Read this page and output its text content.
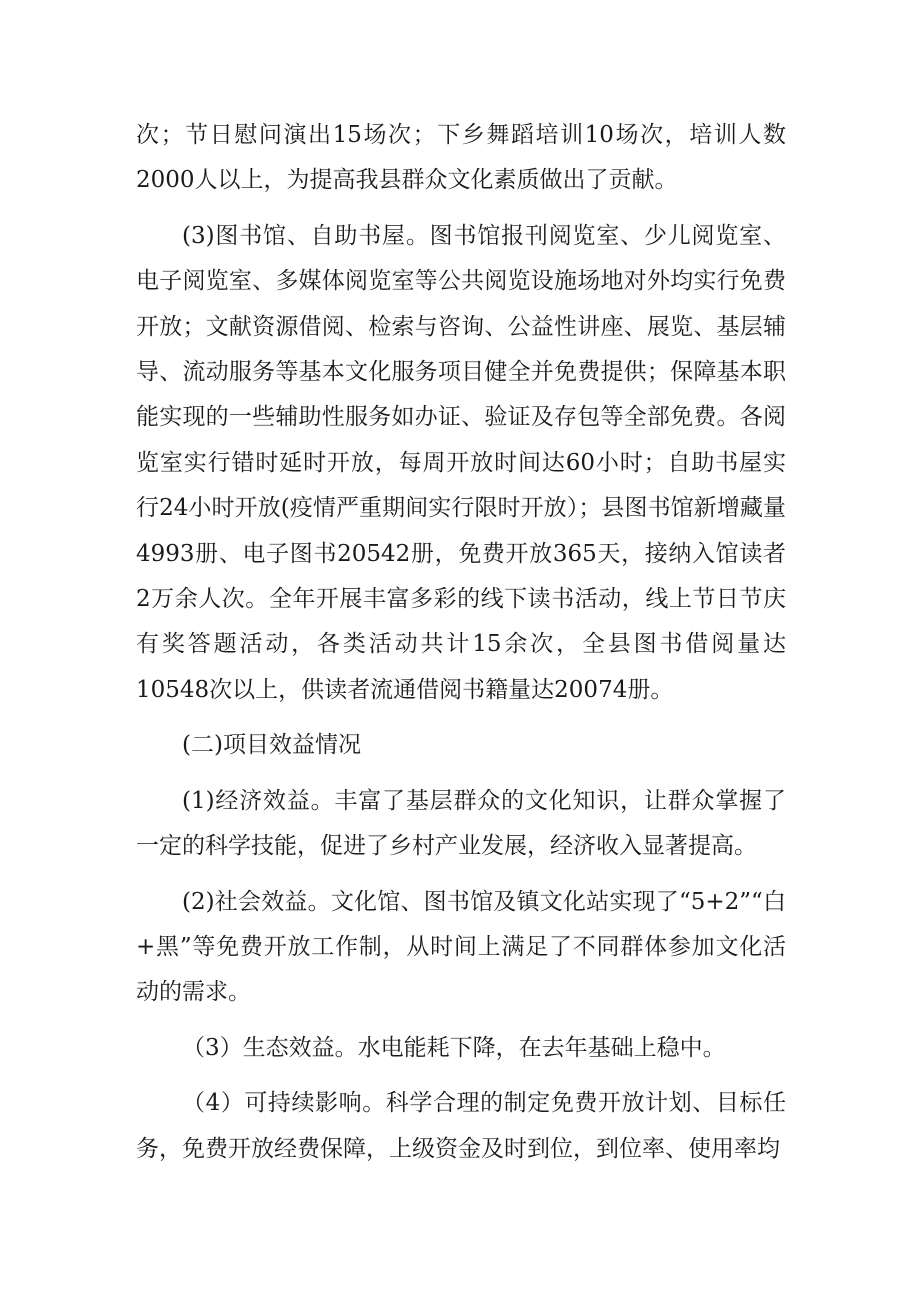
次；节日慰问演出15场次；下乡舞蹈培训10场次，培训人数2000人以上，为提高我县群众文化素质做出了贡献。

(3)图书馆、自助书屋。图书馆报刊阅览室、少儿阅览室、电子阅览室、多媒体阅览室等公共阅览设施场地对外均实行免费开放；文献资源借阅、检索与咨询、公益性讲座、展览、基层辅导、流动服务等基本文化服务项目健全并免费提供；保障基本职能实现的一些辅助性服务如办证、验证及存包等全部免费。各阅览室实行错时延时开放，每周开放时间达60小时；自助书屋实行24小时开放(疫情严重期间实行限时开放）；县图书馆新增藏量4993册、电子图书20542册，免费开放365天，接纳入馆读者2万余人次。全年开展丰富多彩的线下读书活动，线上节日节庆有奖答题活动，各类活动共计15余次，全县图书借阅量达10548次以上，供读者流通借阅书籍量达20074册。

(二)项目效益情况

(1)经济效益。丰富了基层群众的文化知识，让群众掌握了一定的科学技能，促进了乡村产业发展，经济收入显著提高。

(2)社会效益。文化馆、图书馆及镇文化站实现了“5+2”“白+黑”等免费开放工作制，从时间上满足了不同群体参加文化活动的需求。

（3）生态效益。水电能耗下降，在去年基础上稳中。

（4）可持续影响。科学合理的制定免费开放计划、目标任务，免费开放经费保障，上级资金及时到位，到位率、使用率均
